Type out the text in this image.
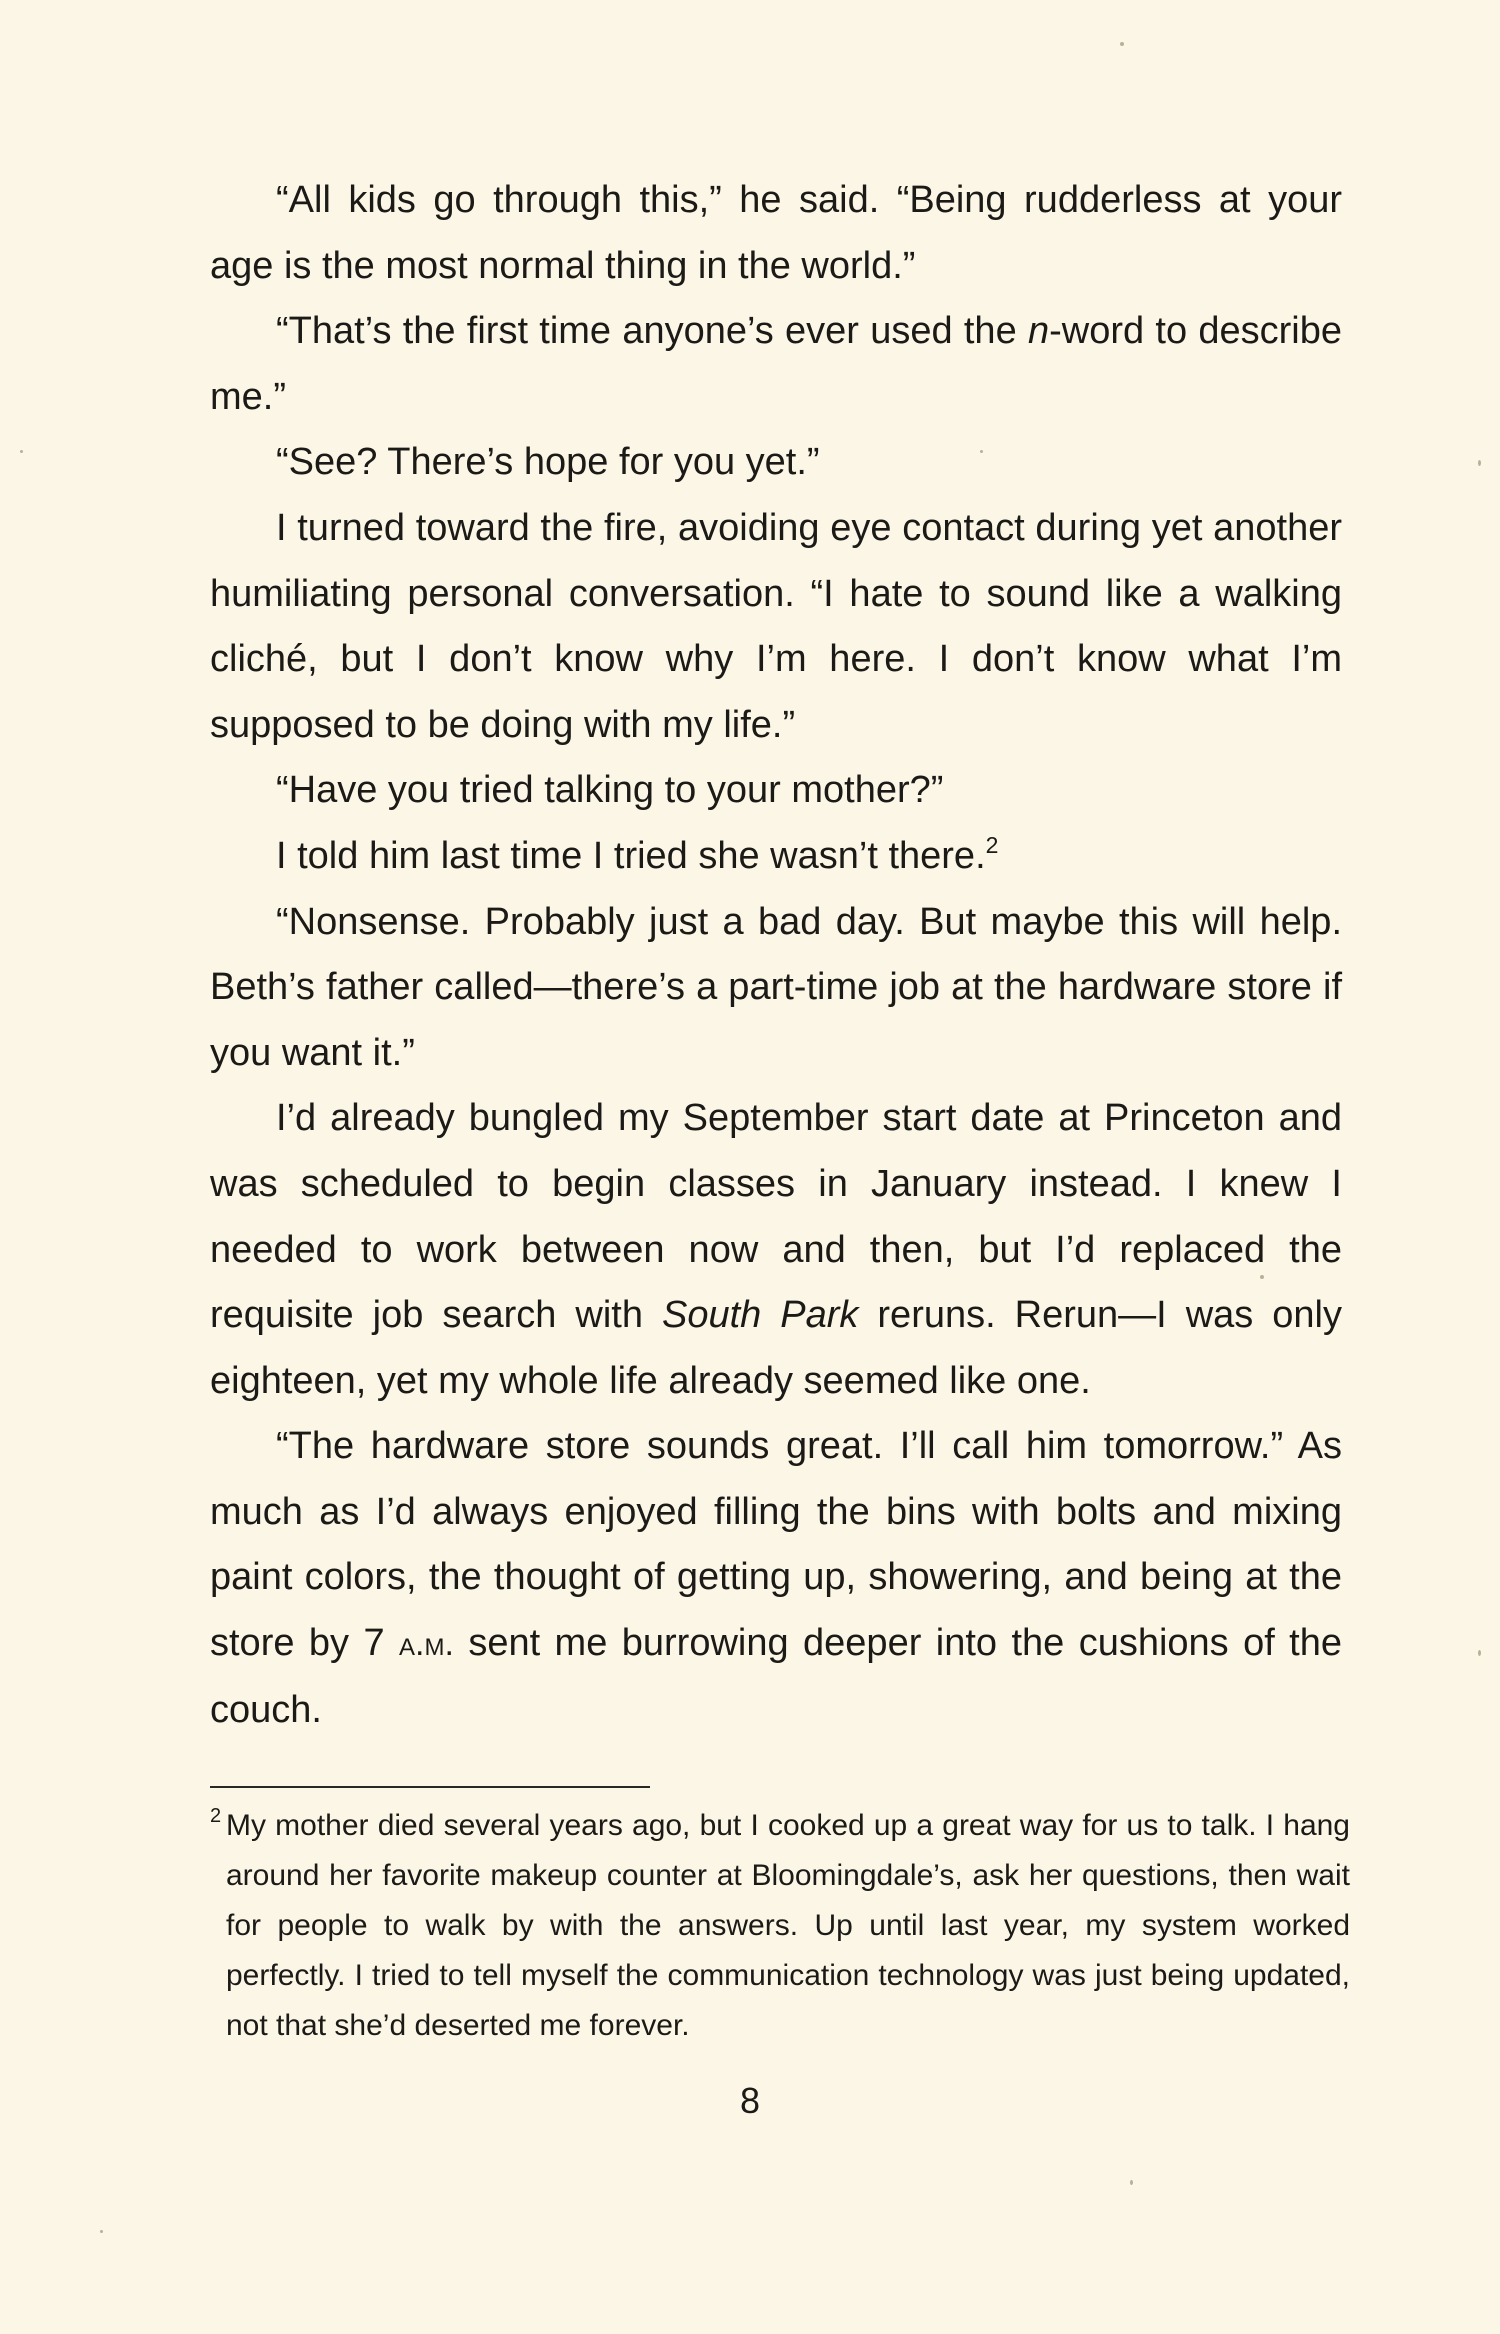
“All kids go through this,” he said. “Being rudderless at your age is the most normal thing in the world.”

“That’s the first time anyone’s ever used the n-word to describe me.”

“See? There’s hope for you yet.”

I turned toward the fire, avoiding eye contact during yet another humiliating personal conversation. “I hate to sound like a walking cliché, but I don’t know why I’m here. I don’t know what I’m supposed to be doing with my life.”

“Have you tried talking to your mother?”

I told him last time I tried she wasn’t there.$^2$

“Nonsense. Probably just a bad day. But maybe this will help. Beth’s father called—there’s a part-time job at the hardware store if you want it.”

I’d already bungled my September start date at Princeton and was scheduled to begin classes in January instead. I knew I needed to work between now and then, but I’d replaced the requisite job search with South Park reruns. Rerun—I was only eighteen, yet my whole life already seemed like one.

“The hardware store sounds great. I’ll call him tomorrow.” As much as I’d always enjoyed filling the bins with bolts and mixing paint colors, the thought of getting up, showering, and being at the store by 7 a.m. sent me burrowing deeper into the cushions of the couch.

2 My mother died several years ago, but I cooked up a great way for us to talk. I hang around her favorite makeup counter at Bloomingdale’s, ask her questions, then wait for people to walk by with the answers. Up until last year, my system worked perfectly. I tried to tell myself the communication technology was just being updated, not that she’d deserted me forever.

8
